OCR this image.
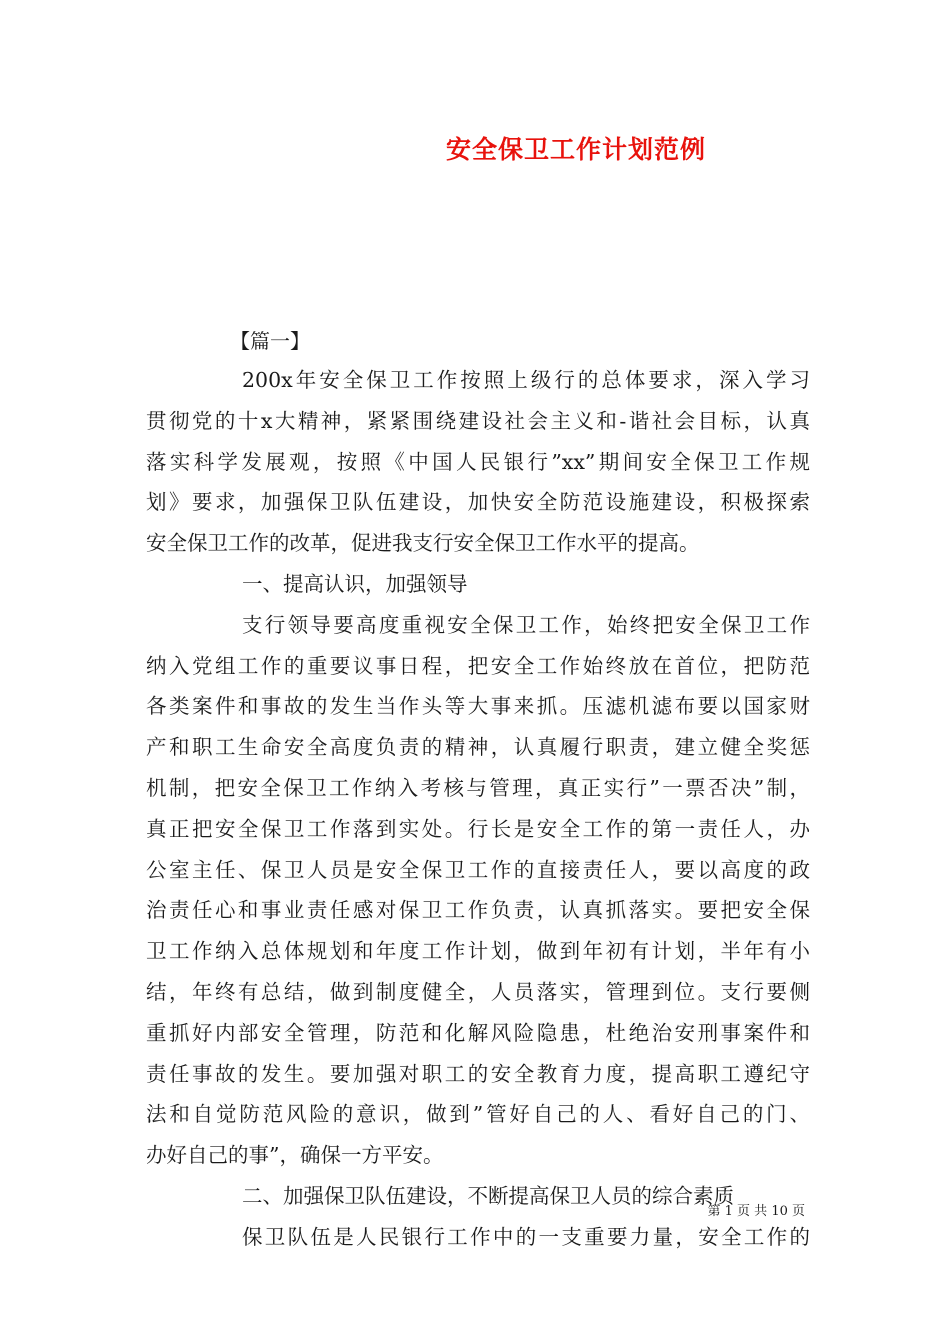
安全保卫工作计划范例
【篇一】
200x年安全保卫工作按照上级行的总体要求，深入学习
贯彻党的十x大精神，紧紧围绕建设社会主义和-谐社会目标，认真
落实科学发展观，按照《中国人民银行”xx”期间安全保卫工作规
划》要求，加强保卫队伍建设，加快安全防范设施建设，积极探索
安全保卫工作的改革，促进我支行安全保卫工作水平的提高。
一、提高认识，加强领导
支行领导要高度重视安全保卫工作，始终把安全保卫工作
纳入党组工作的重要议事日程，把安全工作始终放在首位，把防范
各类案件和事故的发生当作头等大事来抓。压滤机滤布要以国家财
产和职工生命安全高度负责的精神，认真履行职责，建立健全奖惩
机制，把安全保卫工作纳入考核与管理，真正实行”一票否决”制，
真正把安全保卫工作落到实处。行长是安全工作的第一责任人，办
公室主任、保卫人员是安全保卫工作的直接责任人，要以高度的政
治责任心和事业责任感对保卫工作负责，认真抓落实。要把安全保
卫工作纳入总体规划和年度工作计划，做到年初有计划，半年有小
结，年终有总结，做到制度健全，人员落实，管理到位。支行要侧
重抓好内部安全管理，防范和化解风险隐患，杜绝治安刑事案件和
责任事故的发生。要加强对职工的安全教育力度，提高职工遵纪守
法和自觉防范风险的意识，做到”管好自己的人、看好自己的门、
办好自己的事”，确保一方平安。
二、加强保卫队伍建设，不断提高保卫人员的综合素质
保卫队伍是人民银行工作中的一支重要力量，安全工作的
第 1 页 共 10 页
